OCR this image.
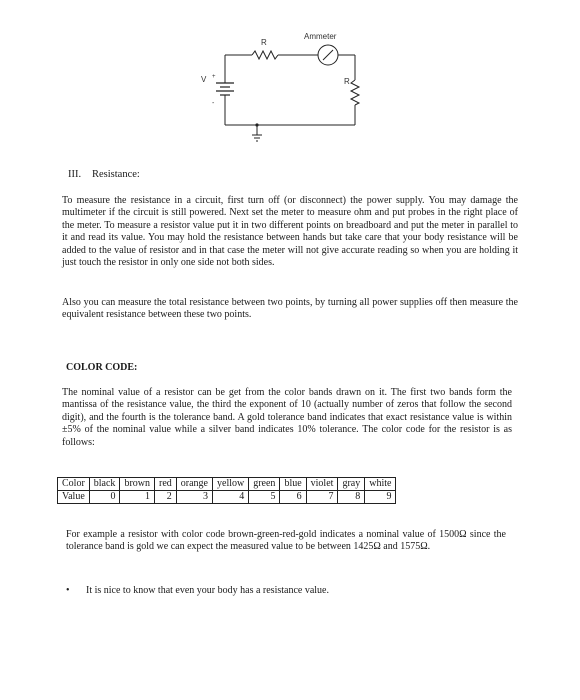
R
Ammeter
R
V +
-
III. Resistance:

To measure the resistance in a circuit, first turn off (or disconnect) the power supply. You may damage the multimeter if the circuit is still powered. Next set the meter to measure ohm and put probes in the right place of the meter. To measure a resistor value put it in two different points on breadboard and put the meter in parallel to it and read its value. You may hold the resistance between hands but take care that your body resistance will be added to the value of resistor and in that case the meter will not give accurate reading so when you are holding it just touch the resistor in only one side not both sides.

Also you can measure the total resistance between two points, by turning all power supplies off then measure the equivalent resistance between these two points.

COLOR CODE:

The nominal value of a resistor can be get from the color bands drawn on it. The first two bands form the mantissa of the resistance value, the third the exponent of 10 (actually number of zeros that follow the second digit), and the fourth is the tolerance band. A gold tolerance band indicates that exact resistance value is within ±5% of the nominal value while a silver band indicates 10% tolerance. The color code for the resistor is as follows:

Color	black	brown	red	orange	yellow	green	blue	violet	gray	white
Value	0	1	2	3	4	5	6	7	8	9

For example a resistor with color code brown-green-red-gold indicates a nominal value of 1500Ω since the tolerance band is gold we can expect the measured value to be between 1425Ω and 1575Ω.

• It is nice to know that even your body has a resistance value.
